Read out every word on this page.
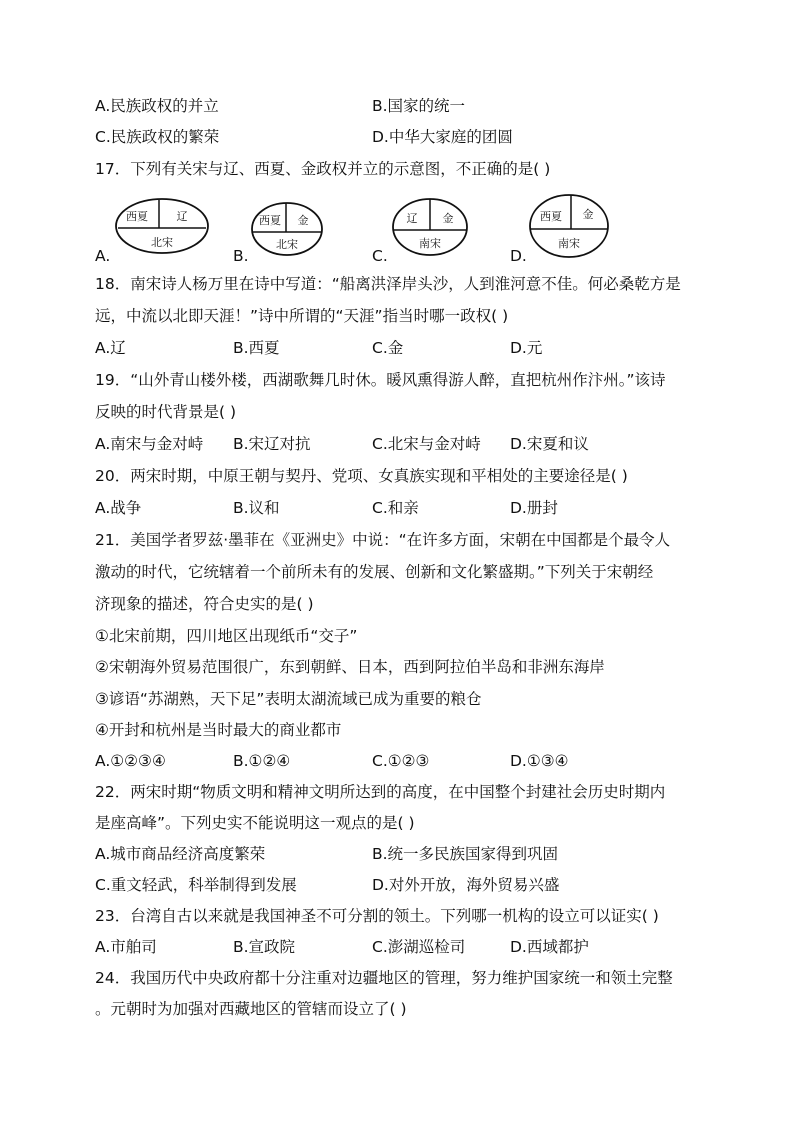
A.民族政权的并立	B.国家的统一
C.民族政权的繁荣	D.中华大家庭的团圆
17．下列有关宋与辽、西夏、金政权并立的示意图，不正确的是( )
A.
西夏	辽
北宋
B.
西夏 金
北宋
C.
辽 金
南宋
D.
西夏 金
南宋
18．南宋诗人杨万里在诗中写道：“船离洪泽岸头沙，人到淮河意不佳。何必桑乾方是
远，中流以北即天涯！”诗中所谓的“天涯”指当时哪一政权( )
A.辽	B.西夏	C.金	D.元
19．“山外青山楼外楼，西湖歌舞几时休。暖风熏得游人醉，直把杭州作汴州。”该诗
反映的时代背景是( )
A.南宋与金对峙 B.宋辽对抗	C.北宋与金对峙 D.宋夏和议
20．两宋时期，中原王朝与契丹、党项、女真族实现和平相处的主要途径是( )
A.战争	B.议和	C.和亲	D.册封
21．美国学者罗兹·墨菲在《亚洲史》中说：“在许多方面，宋朝在中国都是个最令人
激动的时代，它统辖着一个前所未有的发展、创新和文化繁盛期。”下列关于宋朝经
济现象的描述，符合史实的是( )
①北宋前期，四川地区出现纸币“交子”
②宋朝海外贸易范围很广，东到朝鲜、日本，西到阿拉伯半岛和非洲东海岸
③谚语“苏湖熟，天下足”表明太湖流域已成为重要的粮仓
④开封和杭州是当时最大的商业都市
A.①②③④	B.①②④	C.①②③	D.①③④
22．两宋时期“物质文明和精神文明所达到的高度，在中国整个封建社会历史时期内
是座高峰”。下列史实不能说明这一观点的是( )
A.城市商品经济高度繁荣	B.统一多民族国家得到巩固
C.重文轻武，科举制得到发展	D.对外开放，海外贸易兴盛
23．台湾自古以来就是我国神圣不可分割的领土。下列哪一机构的设立可以证实( )
A.市舶司	B.宣政院	C.澎湖巡检司	D.西域都护
24．我国历代中央政府都十分注重对边疆地区的管理，努力维护国家统一和领土完整
。元朝时为加强对西藏地区的管辖而设立了( )
